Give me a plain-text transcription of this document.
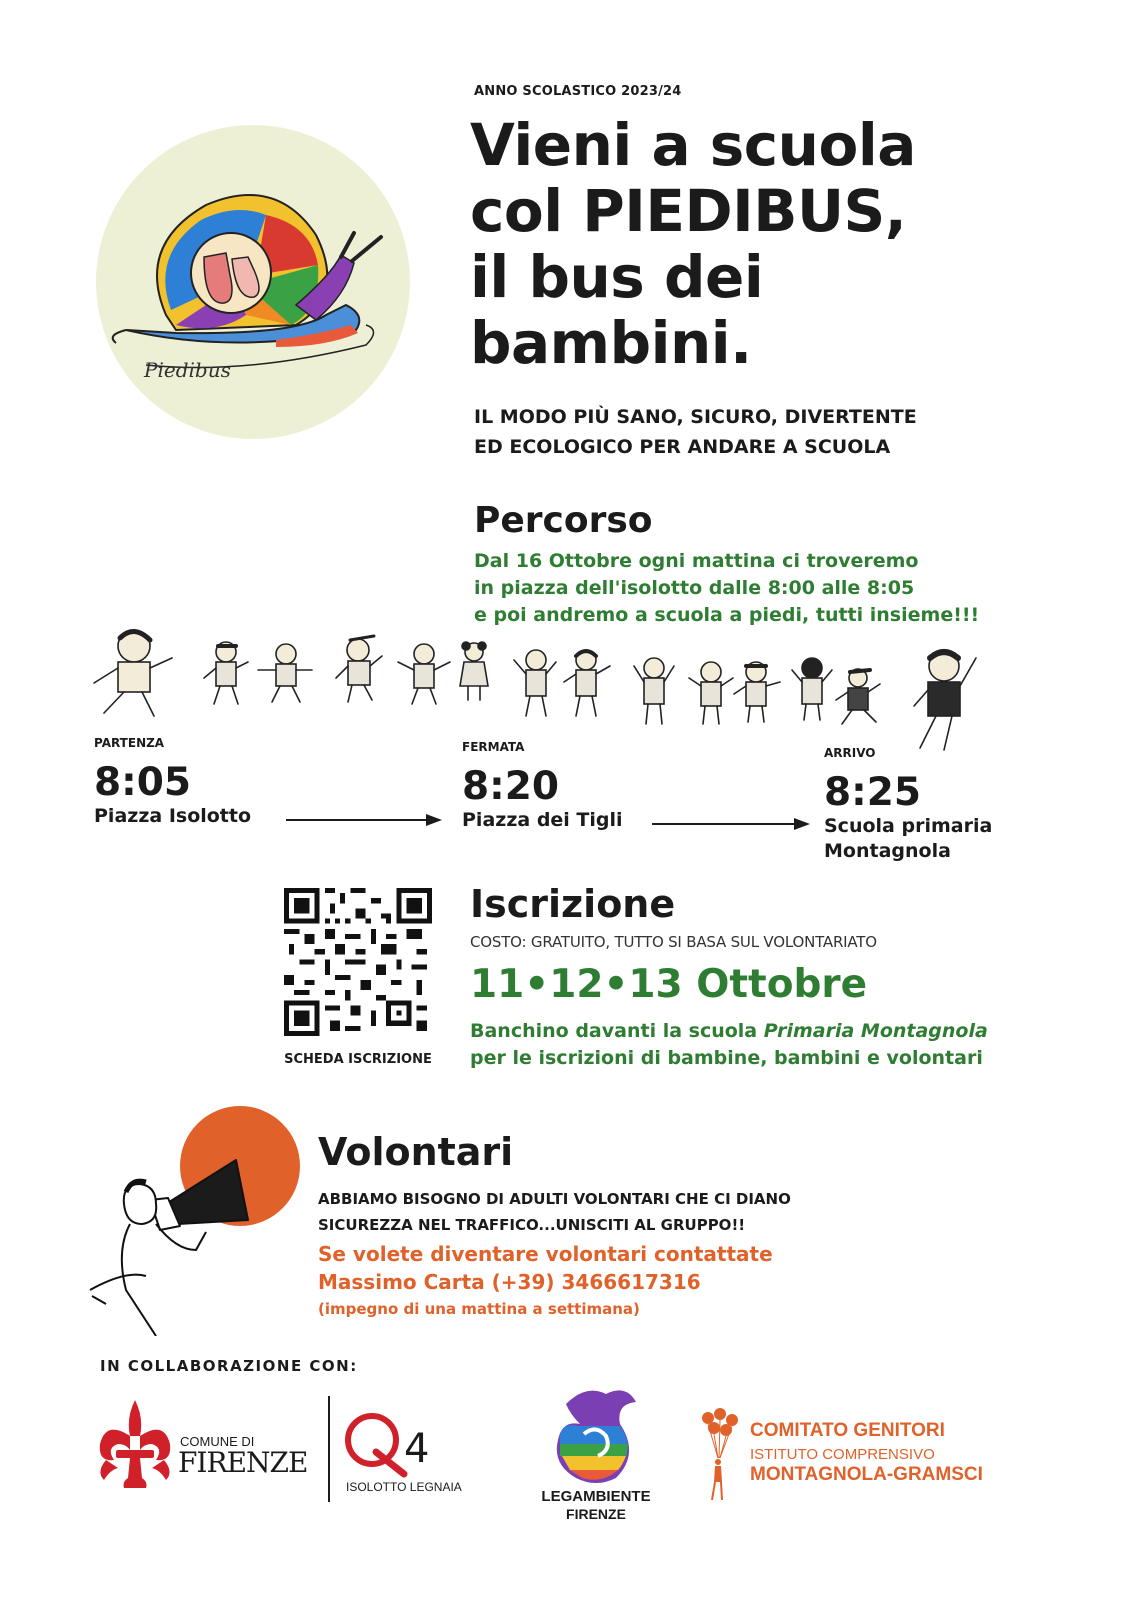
Piedibus
ANNO SCOLASTICO 2023/24
Vieni a scuola
col PIEDIBUS,
il bus dei
bambini.
IL MODO PIÙ SANO, SICURO, DIVERTENTE
ED ECOLOGICO PER ANDARE A SCUOLA
Percorso
Dal 16 Ottobre ogni mattina ci troveremo
in piazza dell'isolotto dalle 8:00 alle 8:05
e poi andremo a scuola a piedi, tutti insieme!!!
PARTENZA
8:05
Piazza Isolotto
FERMATA
8:20
Piazza dei Tigli
ARRIVO
8:25
Scuola primaria
Montagnola
SCHEDA ISCRIZIONE
Iscrizione
COSTO: GRATUITO, TUTTO SI BASA SUL VOLONTARIATO
11•12•13 Ottobre
Banchino davanti la scuola Primaria Montagnola
per le iscrizioni di bambine, bambini e volontari
Volontari
ABBIAMO BISOGNO DI ADULTI VOLONTARI CHE CI DIANO
SICUREZZA NEL TRAFFICO...UNISCITI AL GRUPPO!!
Se volete diventare volontari contattate
Massimo Carta (+39) 3466617316
(impegno di una mattina a settimana)
IN COLLABORAZIONE CON:
COMUNE DI
FIRENZE 4
ISOLOTTO LEGNAIA
LEGAMBIENTE
FIRENZE
COMITATO GENITORI
ISTITUTO COMPRENSIVO
MONTAGNOLA-GRAMSCI
